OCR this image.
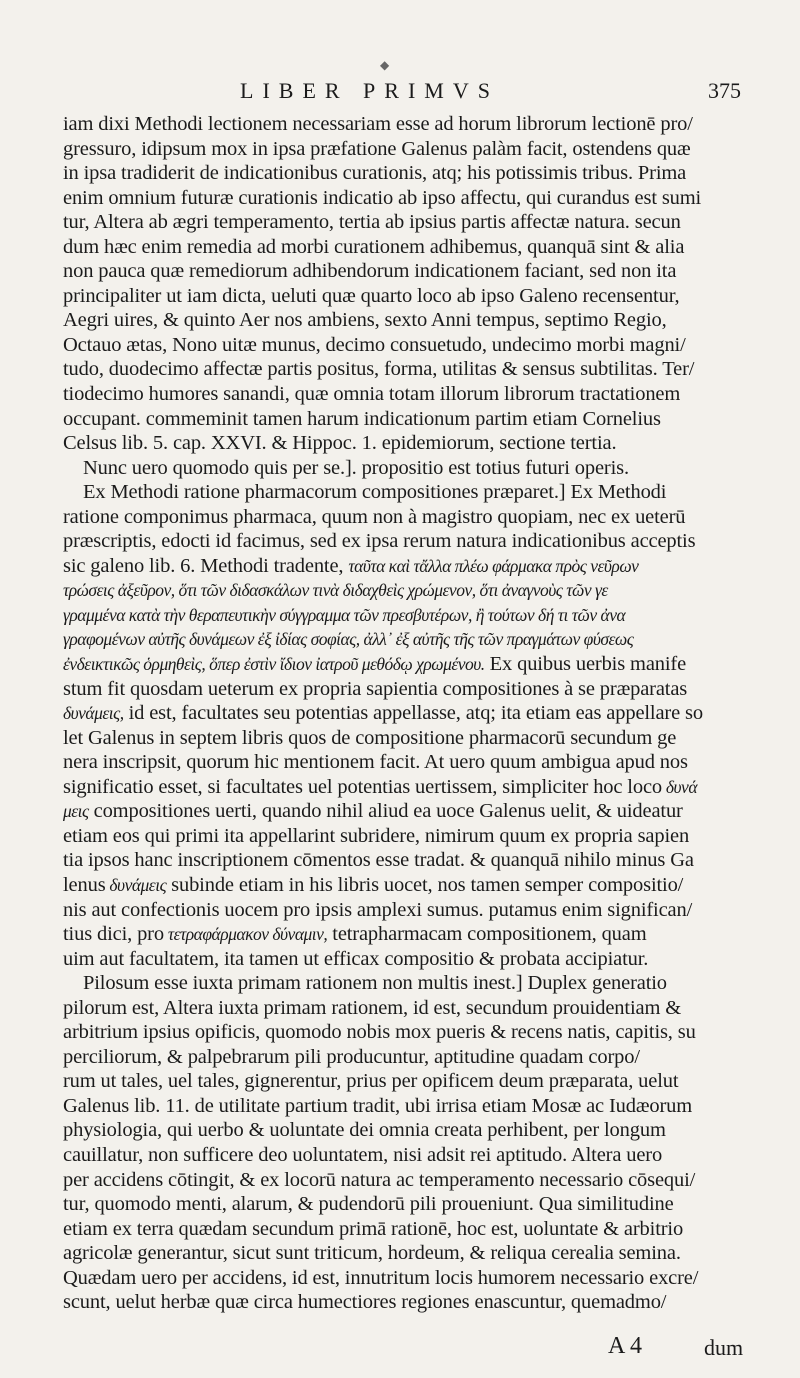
◆
LIBER PRIMVS	375
iam dixi Methodi lectionem necessariam esse ad horum librorum lectionē pro/
gressuro, idipsum mox in ipsa præfatione Galenus palàm facit, ostendens quæ
in ipsa tradiderit de indicationibus curationis, atq; his potissimis tribus. Prima
enim omnium futuræ curationis indicatio ab ipso affectu, qui curandus est sumi
tur, Altera ab ægri temperamento, tertia ab ipsius partis affectæ natura. secun
dum hæc enim remedia ad morbi curationem adhibemus, quanquā sint & alia
non pauca quæ remediorum adhibendorum indicationem faciant, sed non ita
principaliter ut iam dicta, ueluti quæ quarto loco ab ipso Galeno recensentur,
Aegri uires, & quinto Aer nos ambiens, sexto Anni tempus, septimo Regio,
Octauo ætas, Nono uitæ munus, decimo consuetudo, undecimo morbi magni/
tudo, duodecimo affectæ partis positus, forma, utilitas & sensus subtilitas. Ter/
tiodecimo humores sanandi, quæ omnia totam illorum librorum tractationem
occupant. commeminit tamen harum indicationum partim etiam Cornelius
Celsus lib. 5. cap. XXVI. & Hippoc. 1. epidemiorum, sectione tertia.
Nunc uero quomodo quis per se.]. propositio est totius futuri operis.
Ex Methodi ratione pharmacorum compositiones præparet.] Ex Methodi
ratione componimus pharmaca, quum non à magistro quopiam, nec ex ueterū
præscriptis, edocti id facimus, sed ex ipsa rerum natura indicationibus acceptis
sic galeno lib. 6. Methodi tradente, ταῦτα καὶ τἄλλα πλέω φάρμακα πρὸς νεῦρων
τρώσεις ἀξεῦρον, ὅτι τῶν διδασκάλων τινὰ διδαχθεὶς χρώμενον, ὅτι ἀναγνοὺς τῶν γε
γραμμένα κατὰ τὴν θεραπευτικὴν σύγγραμμα τῶν πρεσβυτέρων, ἢ τούτων δή τι τῶν ἀνα
γραφομένων αὐτῆς δυνάμεων ἐξ ἰδίας σοφίας, ἀλλ᾽ ἐξ αὐτῆς τῆς τῶν πραγμάτων φύσεως
ἐνδεικτικῶς ὁρμηθεὶς, ὅπερ ἐστὶν ἴδιον ἰατροῦ μεθόδῳ χρωμένου. Ex quibus uerbis manife
stum fit quosdam ueterum ex propria sapientia compositiones à se præparatas
δυνάμεις, id est, facultates seu potentias appellasse, atq; ita etiam eas appellare so
let Galenus in septem libris quos de compositione pharmacorū secundum ge
nera inscripsit, quorum hic mentionem facit. At uero quum ambigua apud nos
significatio esset, si facultates uel potentias uertissem, simpliciter hoc loco δυνά
μεις compositiones uerti, quando nihil aliud ea uoce Galenus uelit, & uideatur
etiam eos qui primi ita appellarint subridere, nimirum quum ex propria sapien
tia ipsos hanc inscriptionem cōmentos esse tradat. & quanquā nihilo minus Ga
lenus δυνάμεις subinde etiam in his libris uocet, nos tamen semper compositio/
nis aut confectionis uocem pro ipsis amplexi sumus. putamus enim significan/
tius dici, pro τετραφάρμακον δύναμιν, tetrapharmacam compositionem, quam
uim aut facultatem, ita tamen ut efficax compositio & probata accipiatur.
Pilosum esse iuxta primam rationem non multis inest.] Duplex generatio
pilorum est, Altera iuxta primam rationem, id est, secundum prouidentiam &
arbitrium ipsius opificis, quomodo nobis mox pueris & recens natis, capitis, su
perciliorum, & palpebrarum pili producuntur, aptitudine quadam corpo/
rum ut tales, uel tales, gignerentur, prius per opificem deum præparata, uelut
Galenus lib. 11. de utilitate partium tradit, ubi irrisa etiam Mosæ ac Iudæorum
physiologia, qui uerbo & uoluntate dei omnia creata perhibent, per longum
cauillatur, non sufficere deo uoluntatem, nisi adsit rei aptitudo. Altera uero
per accidens cōtingit, & ex locorū natura ac temperamento necessario cōsequi/
tur, quomodo menti, alarum, & pudendorū pili proueniunt. Qua similitudine
etiam ex terra quædam secundum primā rationē, hoc est, uoluntate & arbitrio
agricolæ generantur, sicut sunt triticum, hordeum, & reliqua cerealia semina.
Quædam uero per accidens, id est, innutritum locis humorem necessario excre/
scunt, uelut herbæ quæ circa humectiores regiones enascuntur, quemadmo/
A 4	dum
